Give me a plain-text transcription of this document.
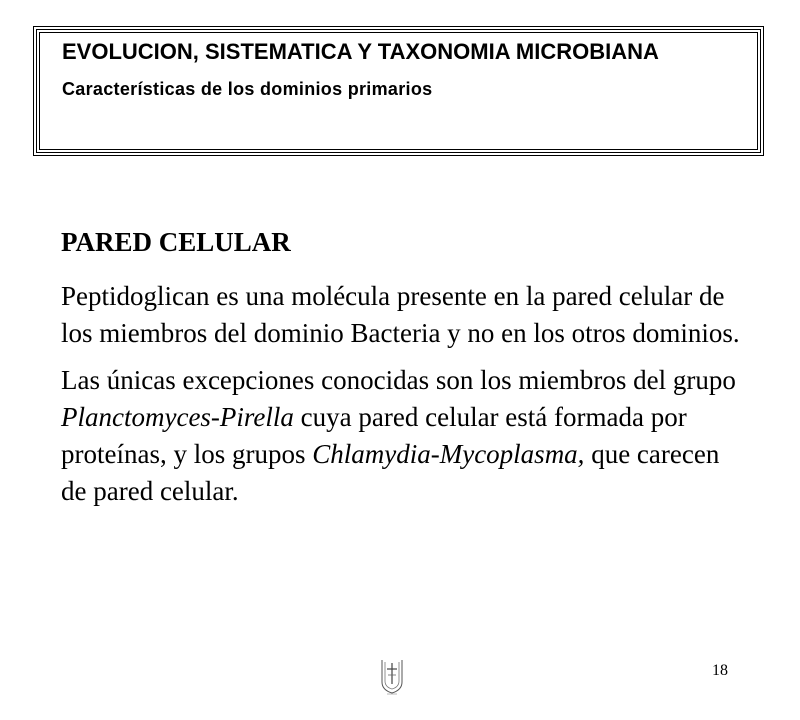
EVOLUCION, SISTEMATICA Y TAXONOMIA MICROBIANA
Características de los dominios primarios
PARED CELULAR

Peptidoglican es una molécula presente en la pared celular de los miembros del dominio Bacteria y no en los otros dominios.

Las únicas excepciones conocidas son los miembros del grupo Planctomyces-Pirella cuya pared celular está formada por proteínas, y los grupos Chlamydia-Mycoplasma, que carecen de pared celular.

18
